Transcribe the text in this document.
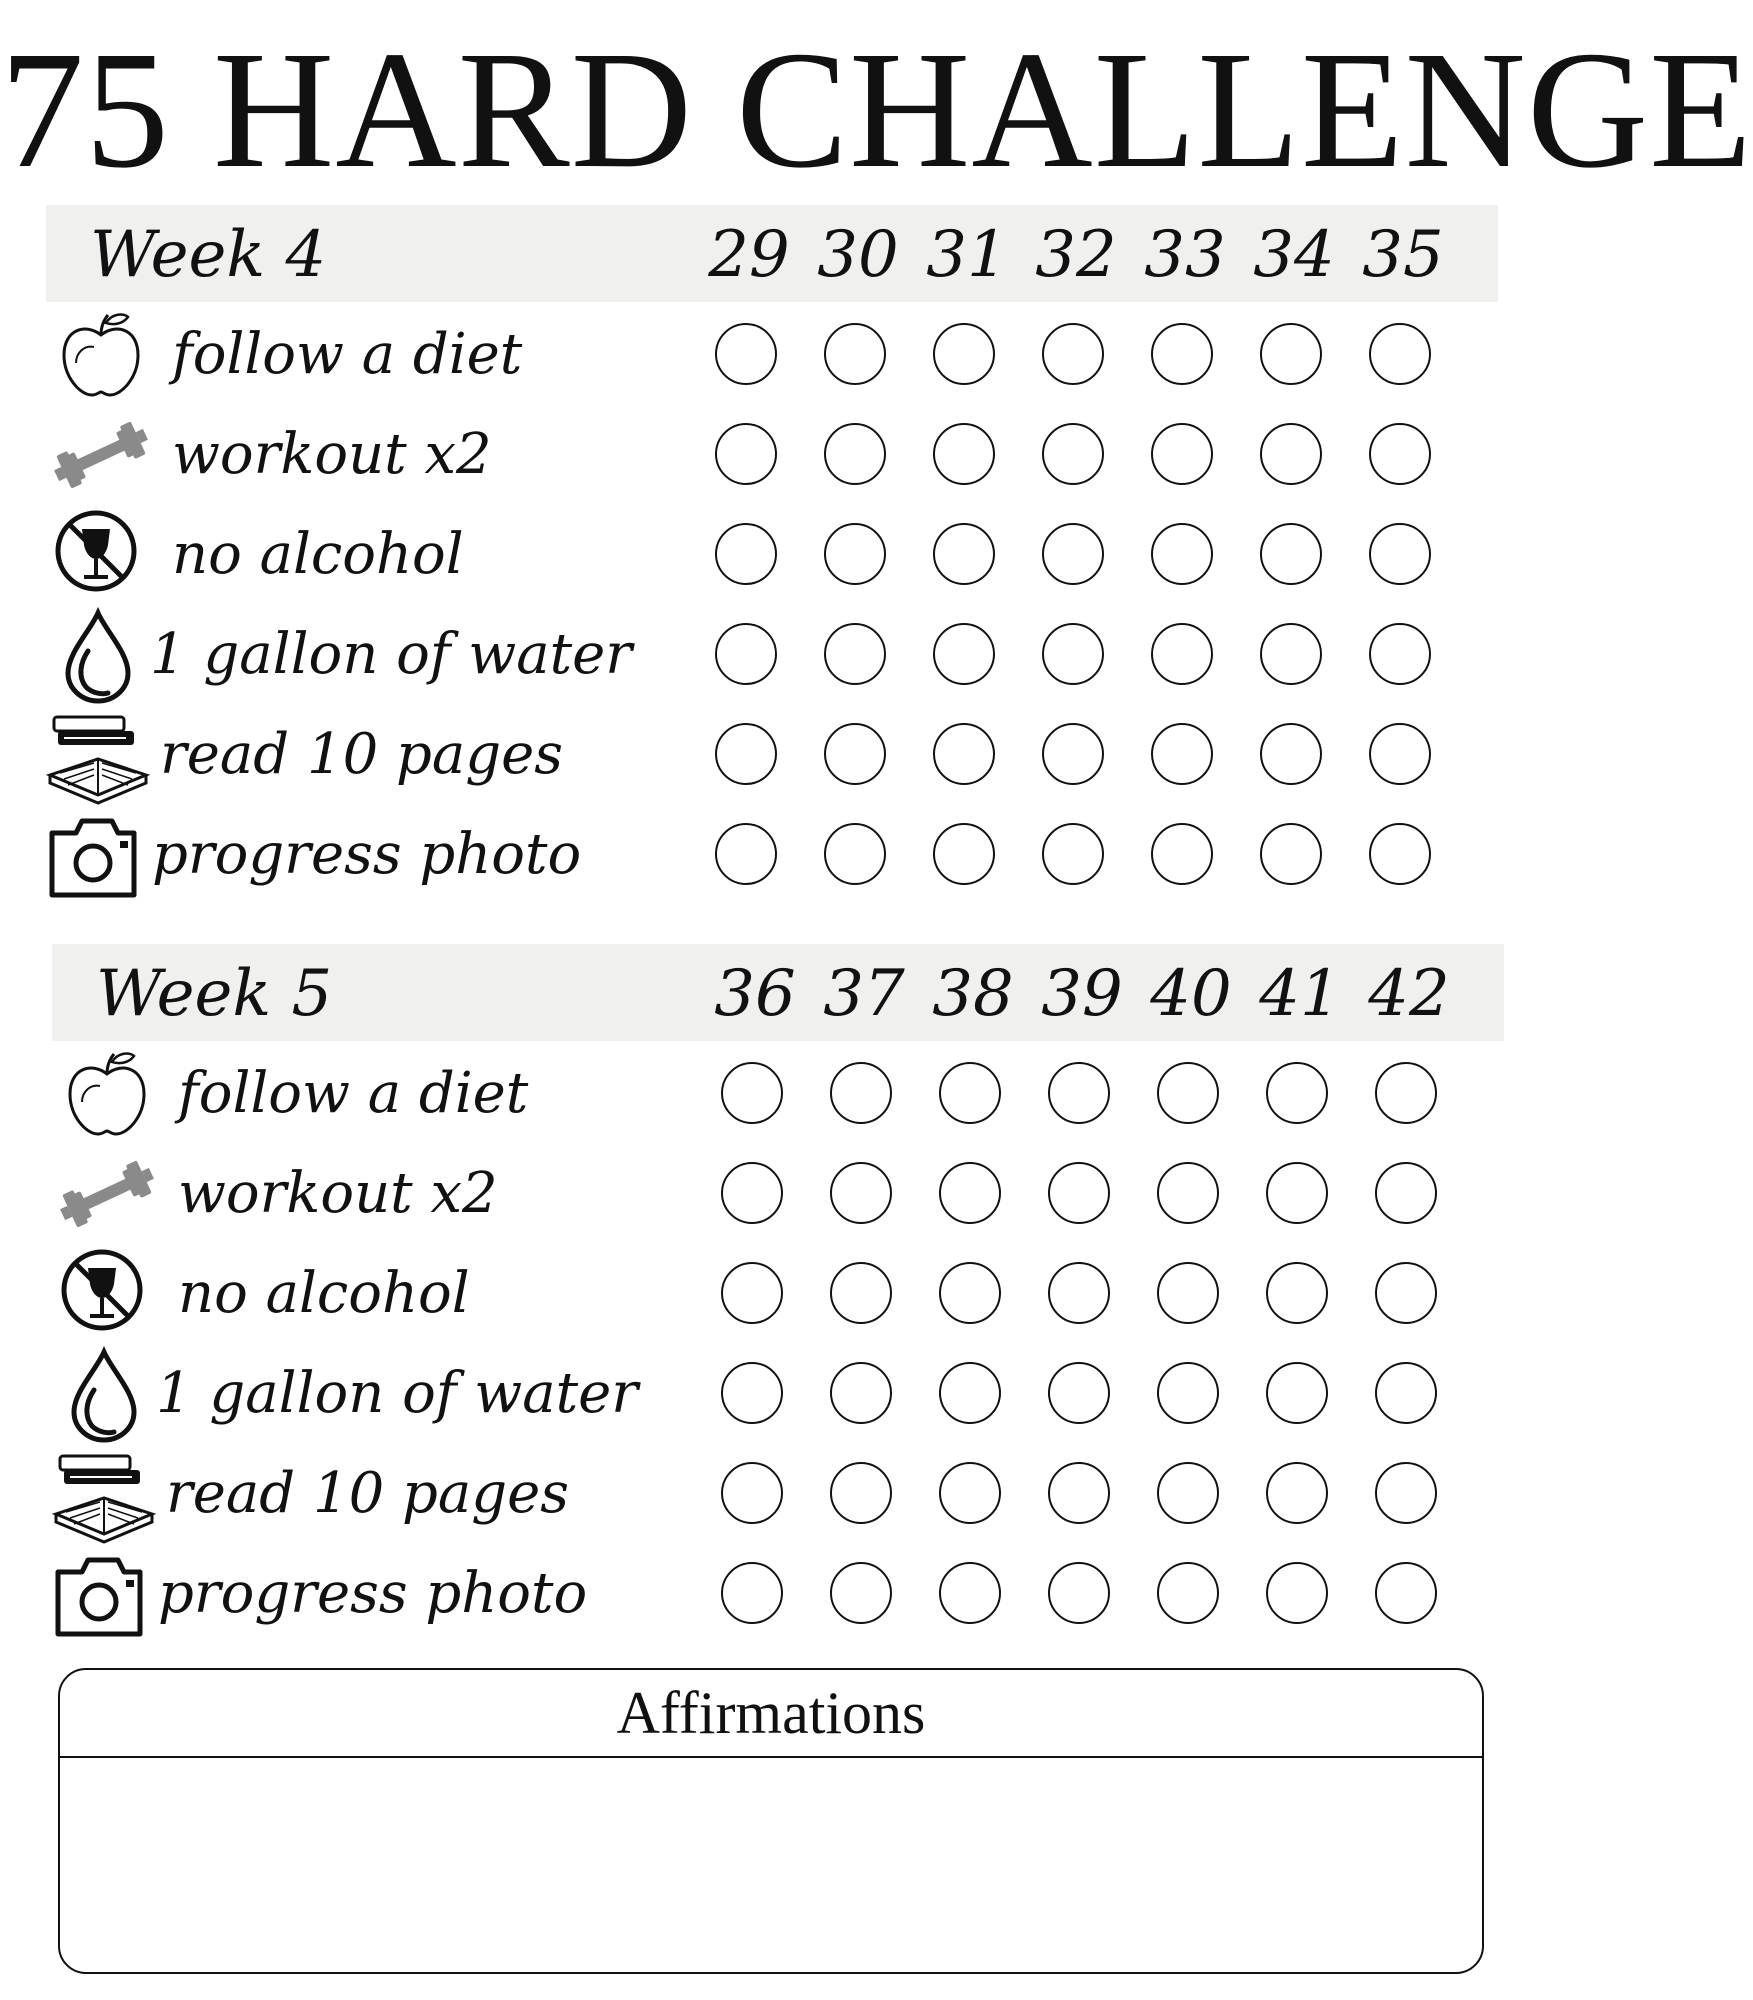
75 HARD CHALLENGE
Week 4	29 30 31 32 33 34 35
follow a diet
workout x2
no alcohol
1 gallon of water
read 10 pages
progress photo
Week 5	36 37 38 39 40 41 42
follow a diet
workout x2
no alcohol
1 gallon of water
read 10 pages
progress photo
Affirmations
